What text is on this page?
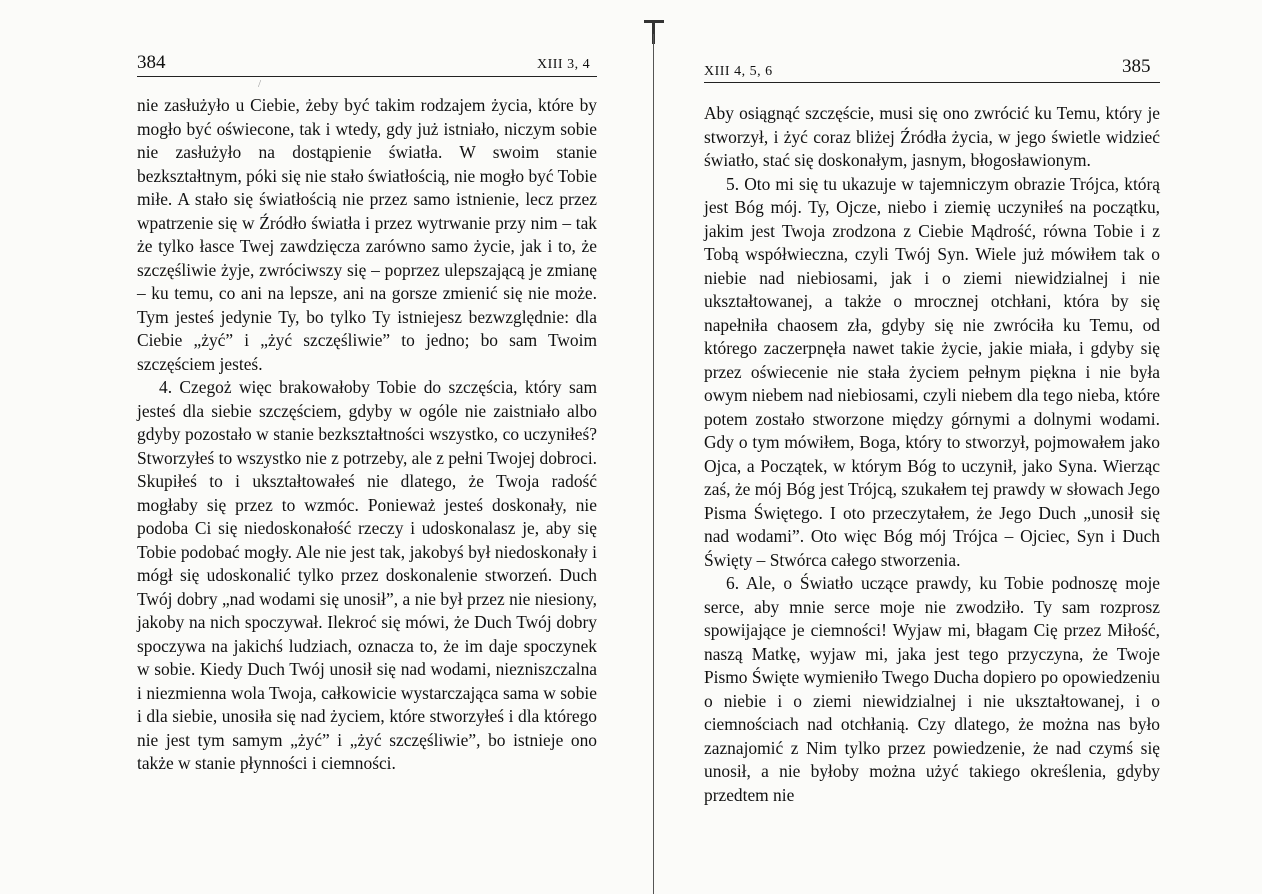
384	XIII 3, 4
/

nie zasłużyło u Ciebie, żeby być takim rodzajem życia, które by mogło być oświecone, tak i wtedy, gdy już istniało, niczym sobie nie zasłużyło na dostąpienie światła. W swoim stanie bezkształtnym, póki się nie stało światłością, nie mogło być Tobie miłe. A stało się światłością nie przez samo istnienie, lecz przez wpatrzenie się w Źródło światła i przez wytrwanie przy nim – tak że tylko łasce Twej zawdzięcza zarówno samo życie, jak i to, że szczęśliwie żyje, zwróciwszy się – poprzez ulepszającą je zmianę – ku temu, co ani na lepsze, ani na gorsze zmienić się nie może. Tym jesteś jedynie Ty, bo tylko Ty istniejesz bezwzględnie: dla Ciebie „żyć” i „żyć szczęśliwie” to jedno; bo sam Twoim szczęściem jesteś.

4. Czegoż więc brakowałoby Tobie do szczęścia, który sam jesteś dla siebie szczęściem, gdyby w ogóle nie zaistniało albo gdyby pozostało w stanie bezkształtności wszystko, co uczyniłeś? Stworzyłeś to wszystko nie z potrzeby, ale z pełni Twojej dobroci. Skupiłeś to i ukształtowałeś nie dlatego, że Twoja radość mogłaby się przez to wzmóc. Ponieważ jesteś doskonały, nie podoba Ci się niedoskonałość rzeczy i udoskonalasz je, aby się Tobie podobać mogły. Ale nie jest tak, jakobyś był niedoskonały i mógł się udoskonalić tylko przez doskonalenie stworzeń. Duch Twój dobry „nad wodami się unosił”, a nie był przez nie niesiony, jakoby na nich spoczywał. Ilekroć się mówi, że Duch Twój dobry spoczywa na jakichś ludziach, oznacza to, że im daje spoczynek w sobie. Kiedy Duch Twój unosił się nad wodami, niezniszczalna i niezmienna wola Twoja, całkowicie wystarczająca sama w sobie i dla siebie, unosiła się nad życiem, które stworzyłeś i dla którego nie jest tym samym „żyć” i „żyć szczęśliwie”, bo istnieje ono także w stanie płynności i ciemności.

XIII 4, 5, 6	385

Aby osiągnąć szczęście, musi się ono zwrócić ku Temu, który je stworzył, i żyć coraz bliżej Źródła życia, w jego świetle widzieć światło, stać się doskonałym, jasnym, błogosławionym.

5. Oto mi się tu ukazuje w tajemniczym obrazie Trójca, którą jest Bóg mój. Ty, Ojcze, niebo i ziemię uczyniłeś na początku, jakim jest Twoja zrodzona z Ciebie Mądrość, równa Tobie i z Tobą współwieczna, czyli Twój Syn. Wiele już mówiłem tak o niebie nad niebiosami, jak i o ziemi niewidzialnej i nie ukształtowanej, a także o mrocznej otchłani, która by się napełniła chaosem zła, gdyby się nie zwróciła ku Temu, od którego zaczerpnęła nawet takie życie, jakie miała, i gdyby się przez oświecenie nie stała życiem pełnym piękna i nie była owym niebem nad niebiosami, czyli niebem dla tego nieba, które potem zostało stworzone między górnymi a dolnymi wodami. Gdy o tym mówiłem, Boga, który to stworzył, pojmowałem jako Ojca, a Początek, w którym Bóg to uczynił, jako Syna. Wierząc zaś, że mój Bóg jest Trójcą, szukałem tej prawdy w słowach Jego Pisma Świętego. I oto przeczytałem, że Jego Duch „unosił się nad wodami”. Oto więc Bóg mój Trójca – Ojciec, Syn i Duch Święty – Stwórca całego stworzenia.

6. Ale, o Światło uczące prawdy, ku Tobie podnoszę moje serce, aby mnie serce moje nie zwodziło. Ty sam rozprosz spowijające je ciemności! Wyjaw mi, błagam Cię przez Miłość, naszą Matkę, wyjaw mi, jaka jest tego przyczyna, że Twoje Pismo Święte wymieniło Twego Ducha dopiero po opowiedzeniu o niebie i o ziemi niewidzialnej i nie ukształtowanej, i o ciemnościach nad otchłanią. Czy dlatego, że można nas było zaznajomić z Nim tylko przez powiedzenie, że nad czymś się unosił, a nie byłoby można użyć takiego określenia, gdyby przedtem nie
